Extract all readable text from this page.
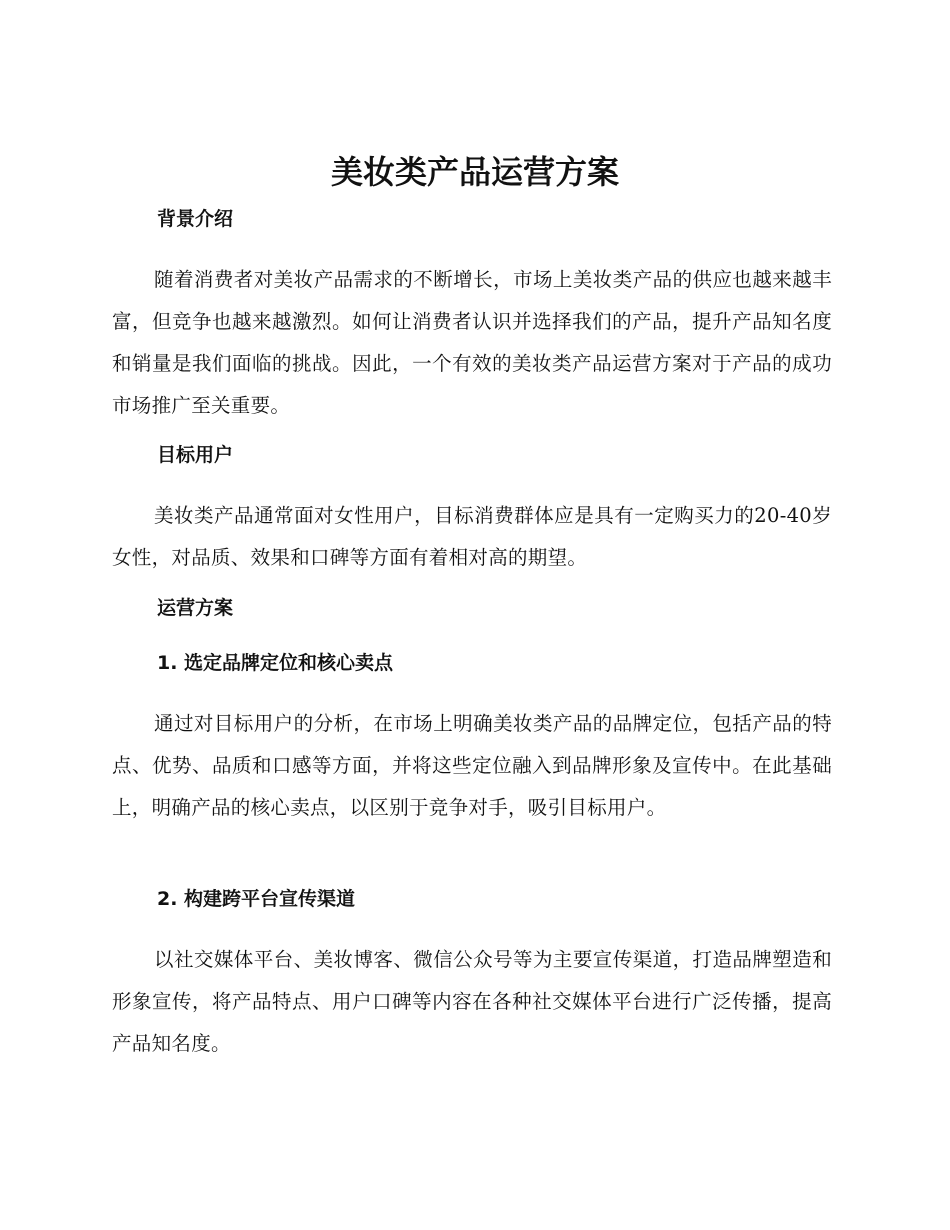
美妆类产品运营方案
背景介绍

随着消费者对美妆产品需求的不断增长，市场上美妆类产品的供应也越来越丰富，但竞争也越来越激烈。如何让消费者认识并选择我们的产品，提升产品知名度和销量是我们面临的挑战。因此，一个有效的美妆类产品运营方案对于产品的成功市场推广至关重要。

目标用户

美妆类产品通常面对女性用户，目标消费群体应是具有一定购买力的20-40岁女性，对品质、效果和口碑等方面有着相对高的期望。

运营方案
1. 选定品牌定位和核心卖点

通过对目标用户的分析，在市场上明确美妆类产品的品牌定位，包括产品的特点、优势、品质和口感等方面，并将这些定位融入到品牌形象及宣传中。在此基础上，明确产品的核心卖点，以区别于竞争对手，吸引目标用户。

2. 构建跨平台宣传渠道

以社交媒体平台、美妆博客、微信公众号等为主要宣传渠道，打造品牌塑造和形象宣传，将产品特点、用户口碑等内容在各种社交媒体平台进行广泛传播，提高产品知名度。
